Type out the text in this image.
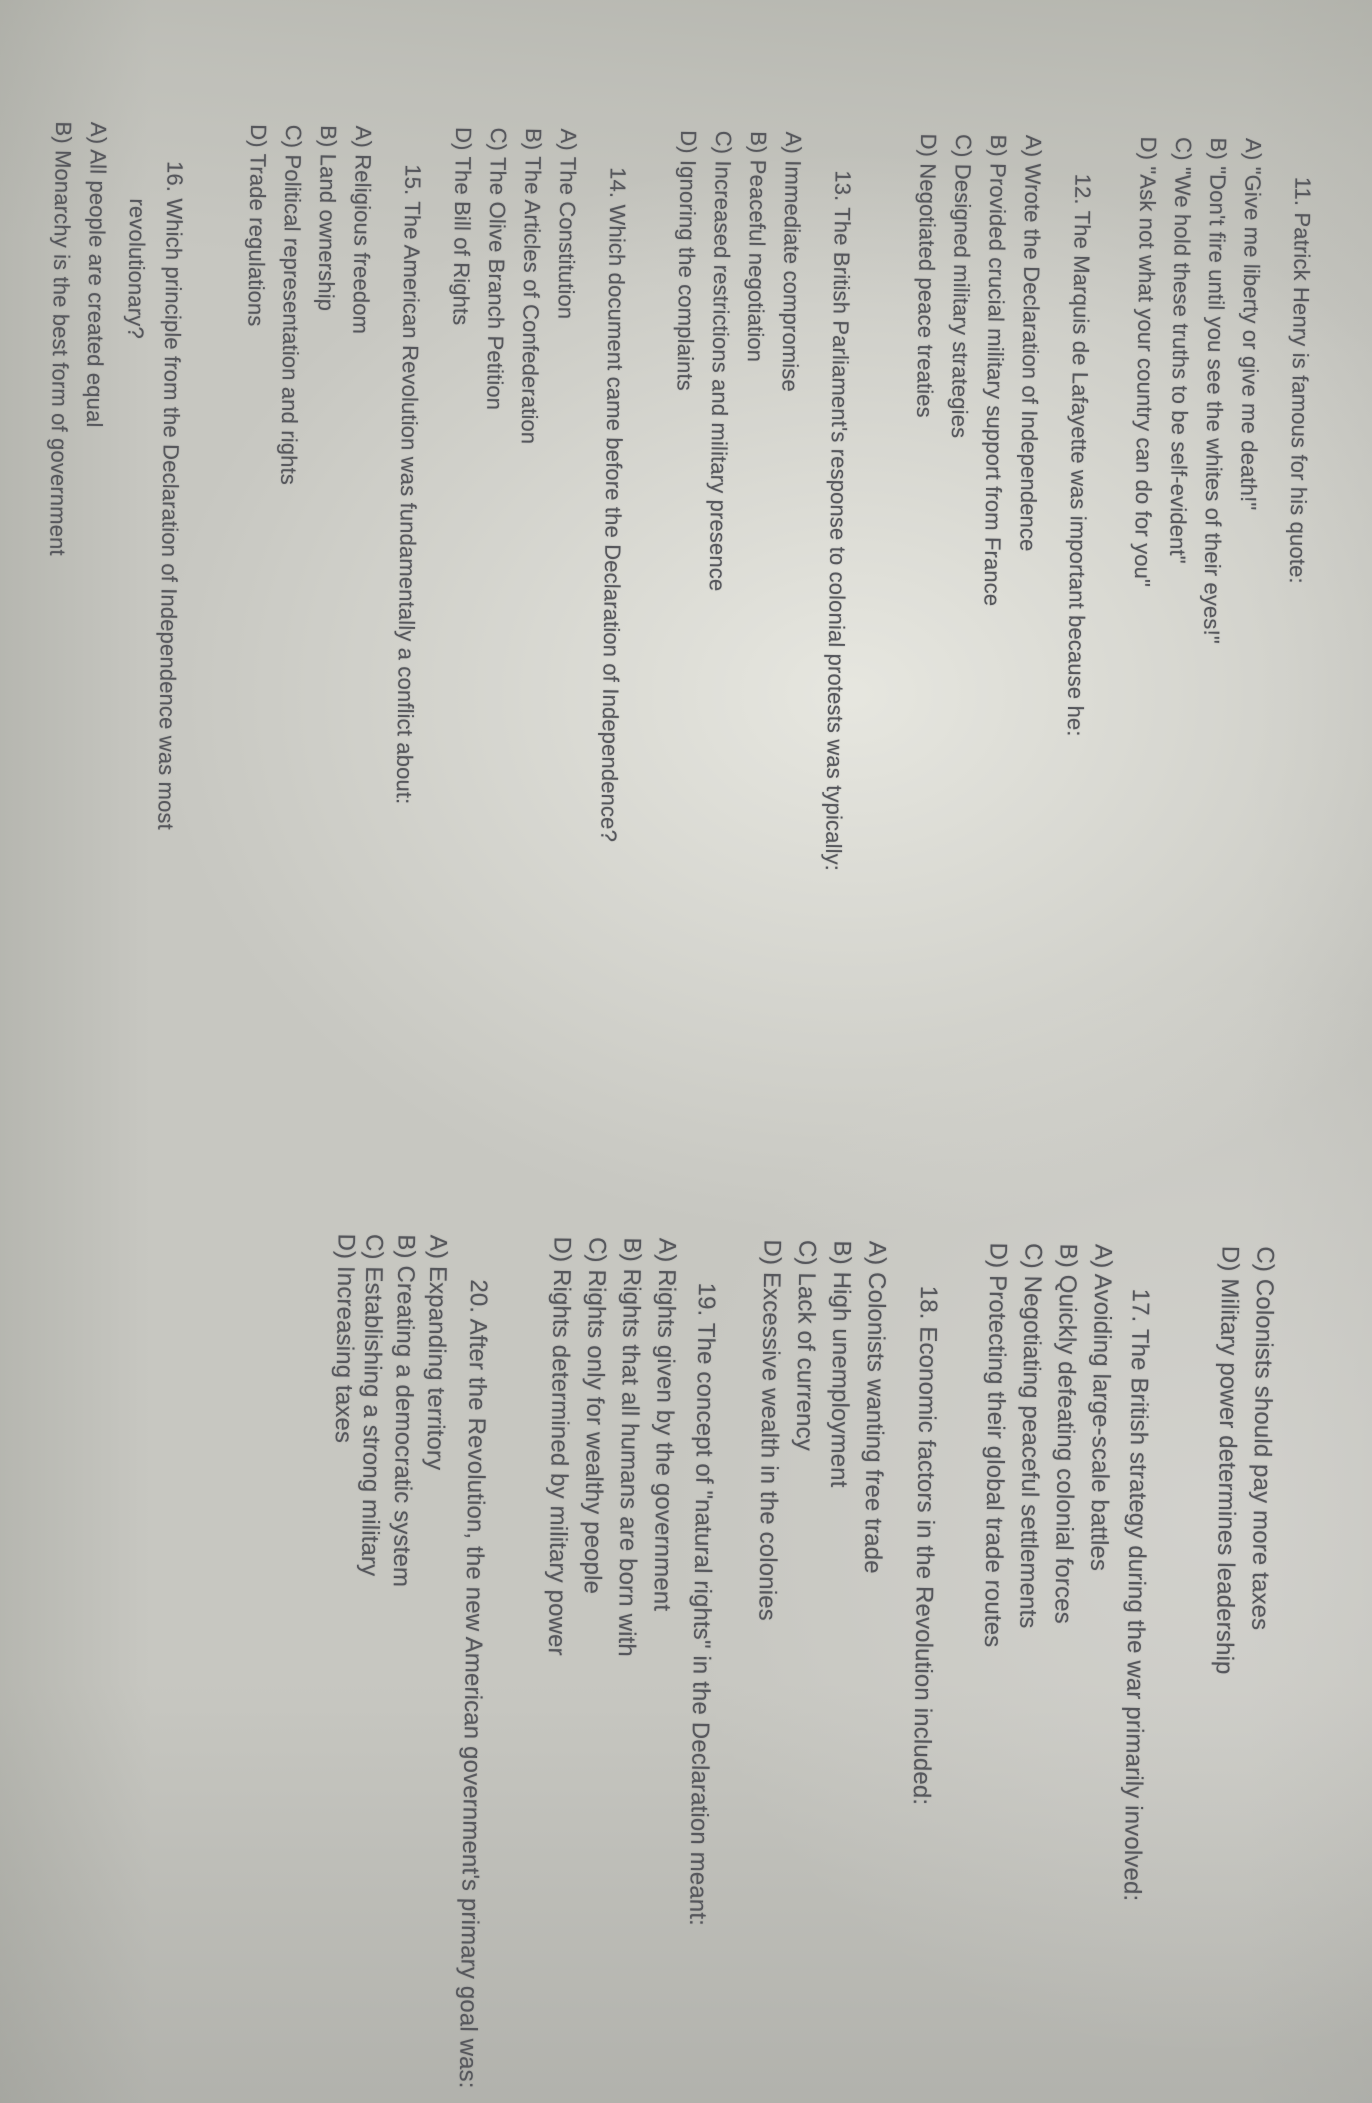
11. Patrick Henry is famous for his quote:
A) "Give me liberty or give me death!"
B) "Don't fire until you see the whites of their eyes!"
C) "We hold these truths to be self-evident"
D) "Ask not what your country can do for you"
12. The Marquis de Lafayette was important because he:
A) Wrote the Declaration of Independence
B) Provided crucial military support from France
C) Designed military strategies
D) Negotiated peace treaties
13. The British Parliament's response to colonial protests was typically:
A) Immediate compromise
B) Peaceful negotiation
C) Increased restrictions and military presence
D) Ignoring the complaints
14. Which document came before the Declaration of Independence?
A) The Constitution
B) The Articles of Confederation
C) The Olive Branch Petition
D) The Bill of Rights
15. The American Revolution was fundamentally a conflict about:
A) Religious freedom
B) Land ownership
C) Political representation and rights
D) Trade regulations
16. Which principle from the Declaration of Independence was most
revolutionary?
A) All people are created equal
B) Monarchy is the best form of government
C) Colonists should pay more taxes
D) Military power determines leadership
17. The British strategy during the war primarily involved:
A) Avoiding large-scale battles
B) Quickly defeating colonial forces
C) Negotiating peaceful settlements
D) Protecting their global trade routes
18. Economic factors in the Revolution included:
A) Colonists wanting free trade
B) High unemployment
C) Lack of currency
D) Excessive wealth in the colonies
19. The concept of "natural rights" in the Declaration meant:
A) Rights given by the government
B) Rights that all humans are born with
C) Rights only for wealthy people
D) Rights determined by military power
20. After the Revolution, the new American government's primary goal was:
A) Expanding territory
B) Creating a democratic system
C) Establishing a strong military
D) Increasing taxes
